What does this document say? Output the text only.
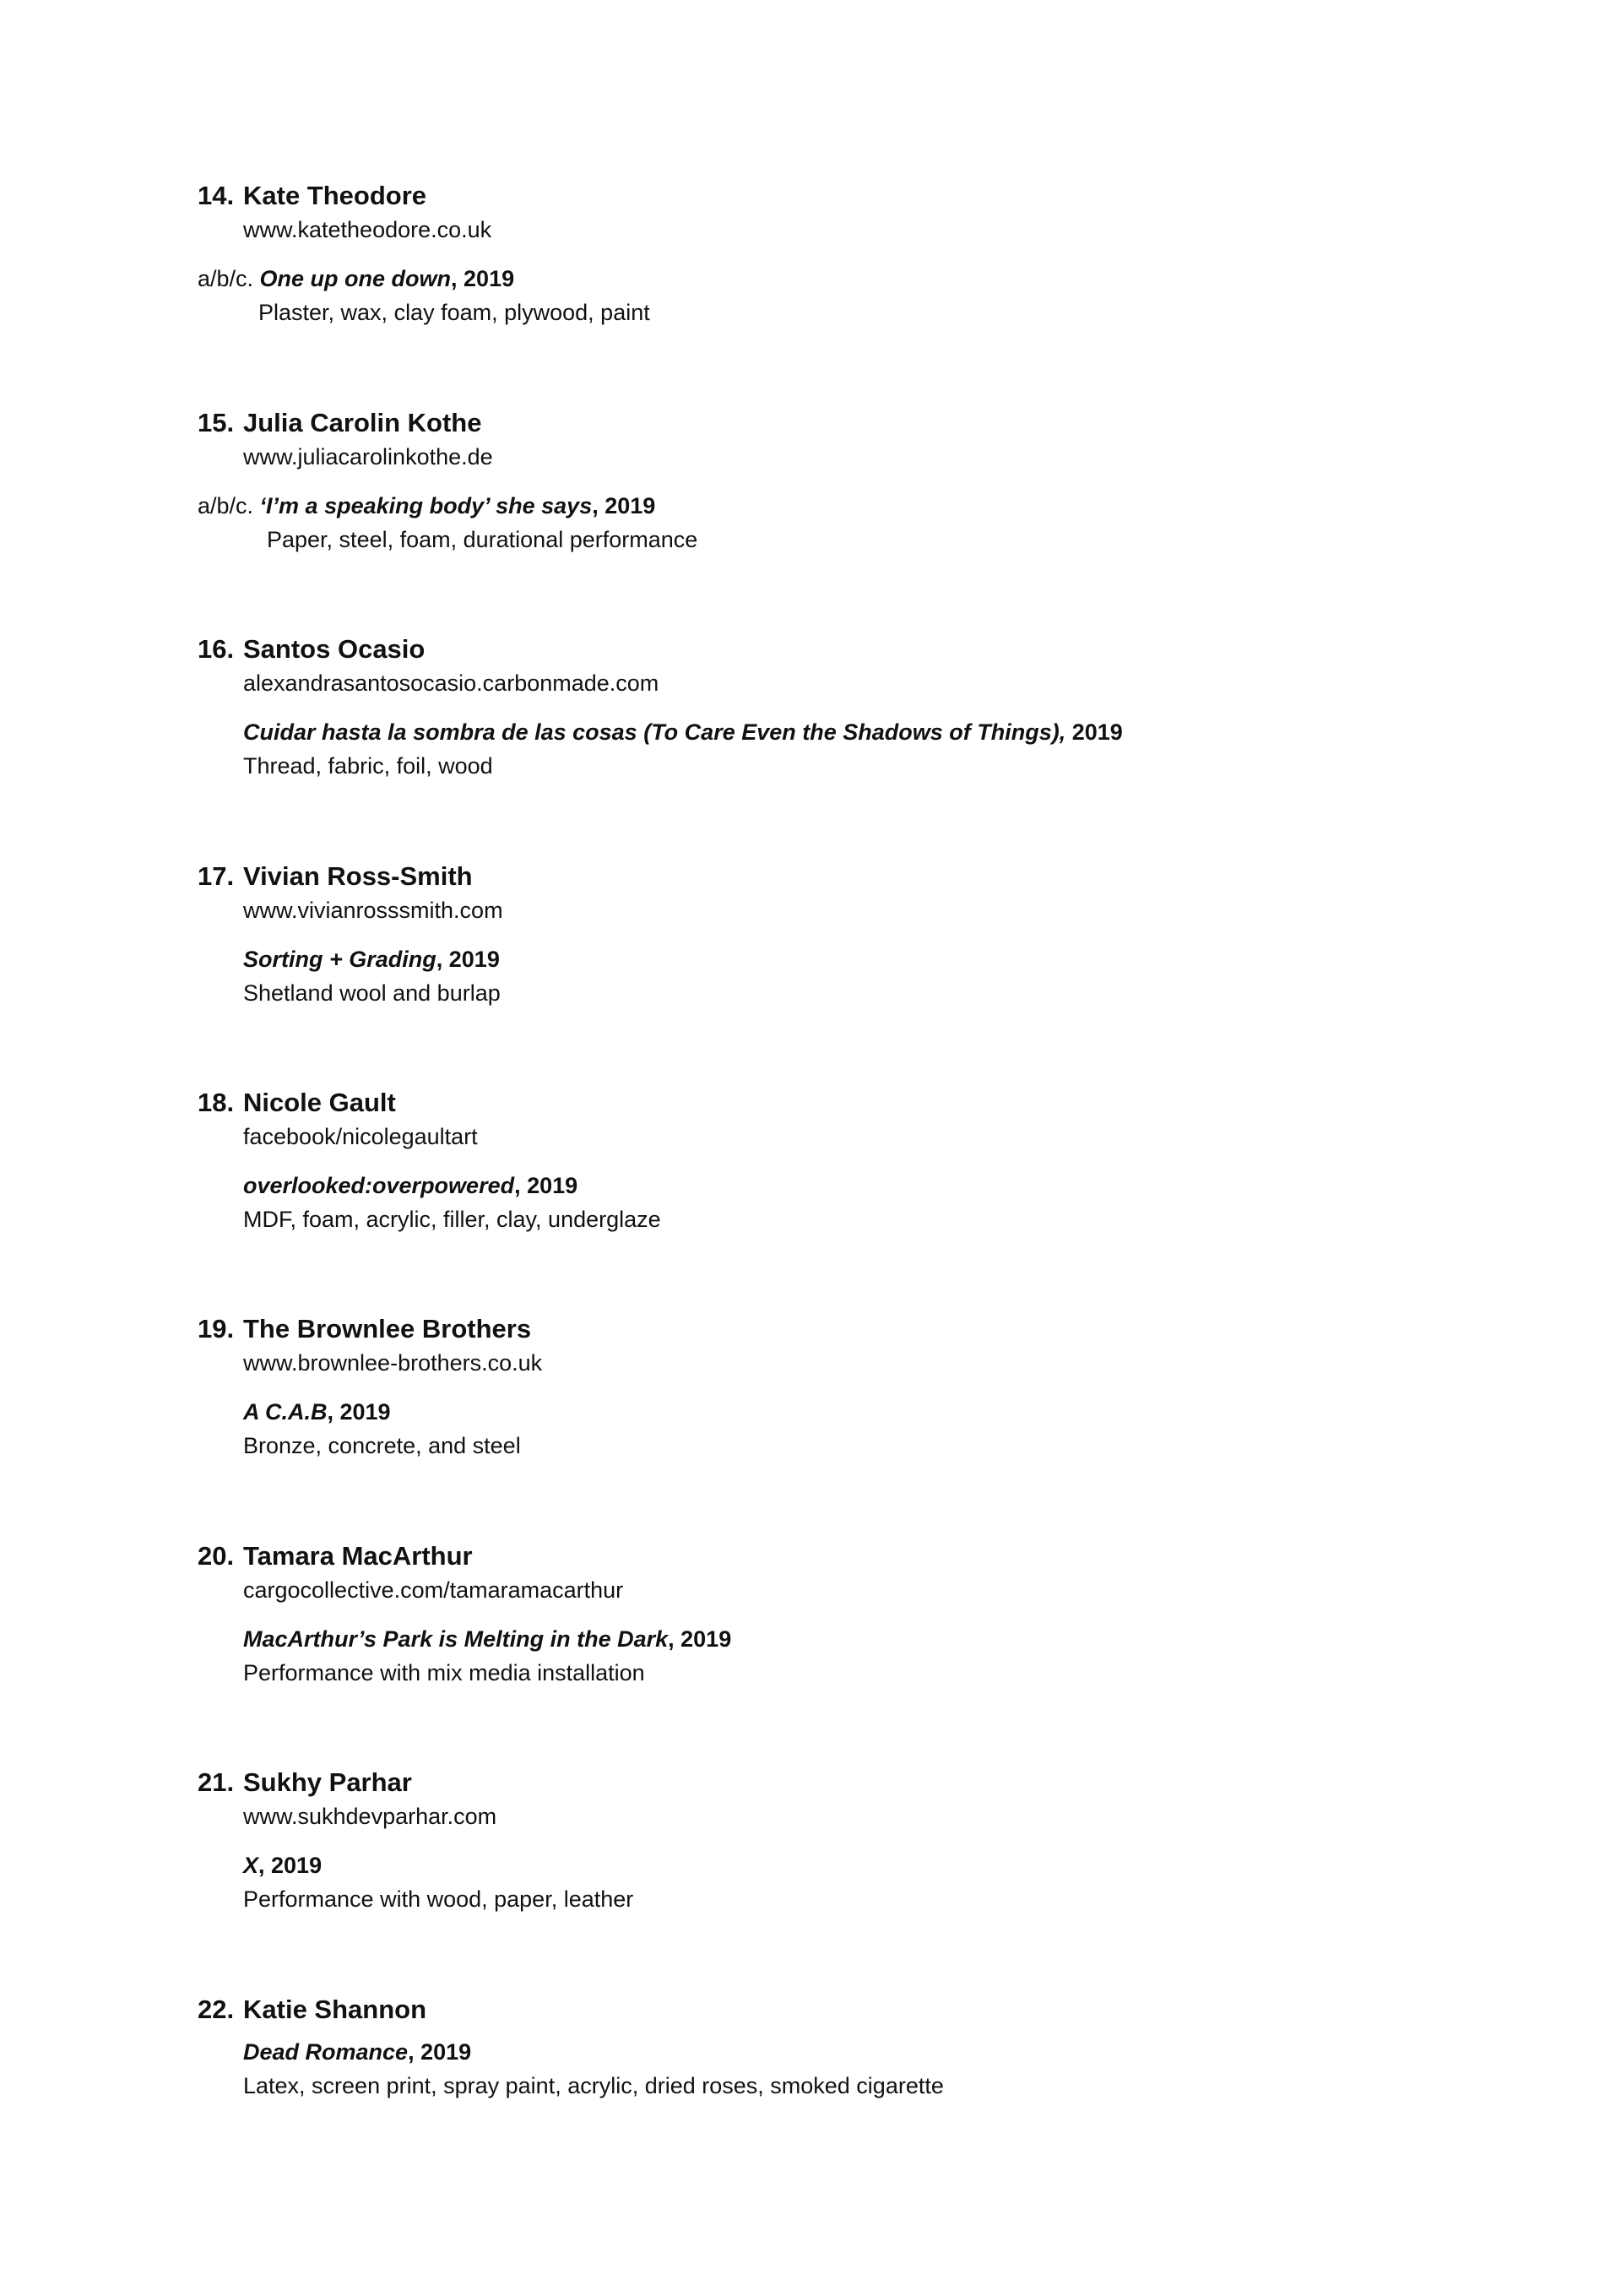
14. Kate Theodore
www.katetheodore.co.uk
a/b/c. One up one down, 2019
Plaster, wax, clay foam, plywood, paint
15. Julia Carolin Kothe
www.juliacarolinkothe.de
a/b/c. ‘I’m a speaking body’ she says, 2019
Paper, steel, foam, durational performance
16. Santos Ocasio
alexandrasantosocasio.carbonmade.com
Cuidar hasta la sombra de las cosas (To Care Even the Shadows of Things), 2019
Thread, fabric, foil, wood
17. Vivian Ross-Smith
www.vivianrosssmith.com
Sorting + Grading, 2019
Shetland wool and burlap
18. Nicole Gault
facebook/nicolegaultart
overlooked:overpowered, 2019
MDF, foam, acrylic, filler, clay, underglaze
19. The Brownlee Brothers
www.brownlee-brothers.co.uk
A C.A.B, 2019
Bronze, concrete, and steel
20. Tamara MacArthur
cargocollective.com/tamaramacarthur
MacArthur’s Park is Melting in the Dark, 2019
Performance with mix media installation
21. Sukhy Parhar
www.sukhdevparhar.com
X, 2019
Performance with wood, paper, leather
22. Katie Shannon
Dead Romance, 2019
Latex, screen print, spray paint, acrylic, dried roses, smoked cigarette
